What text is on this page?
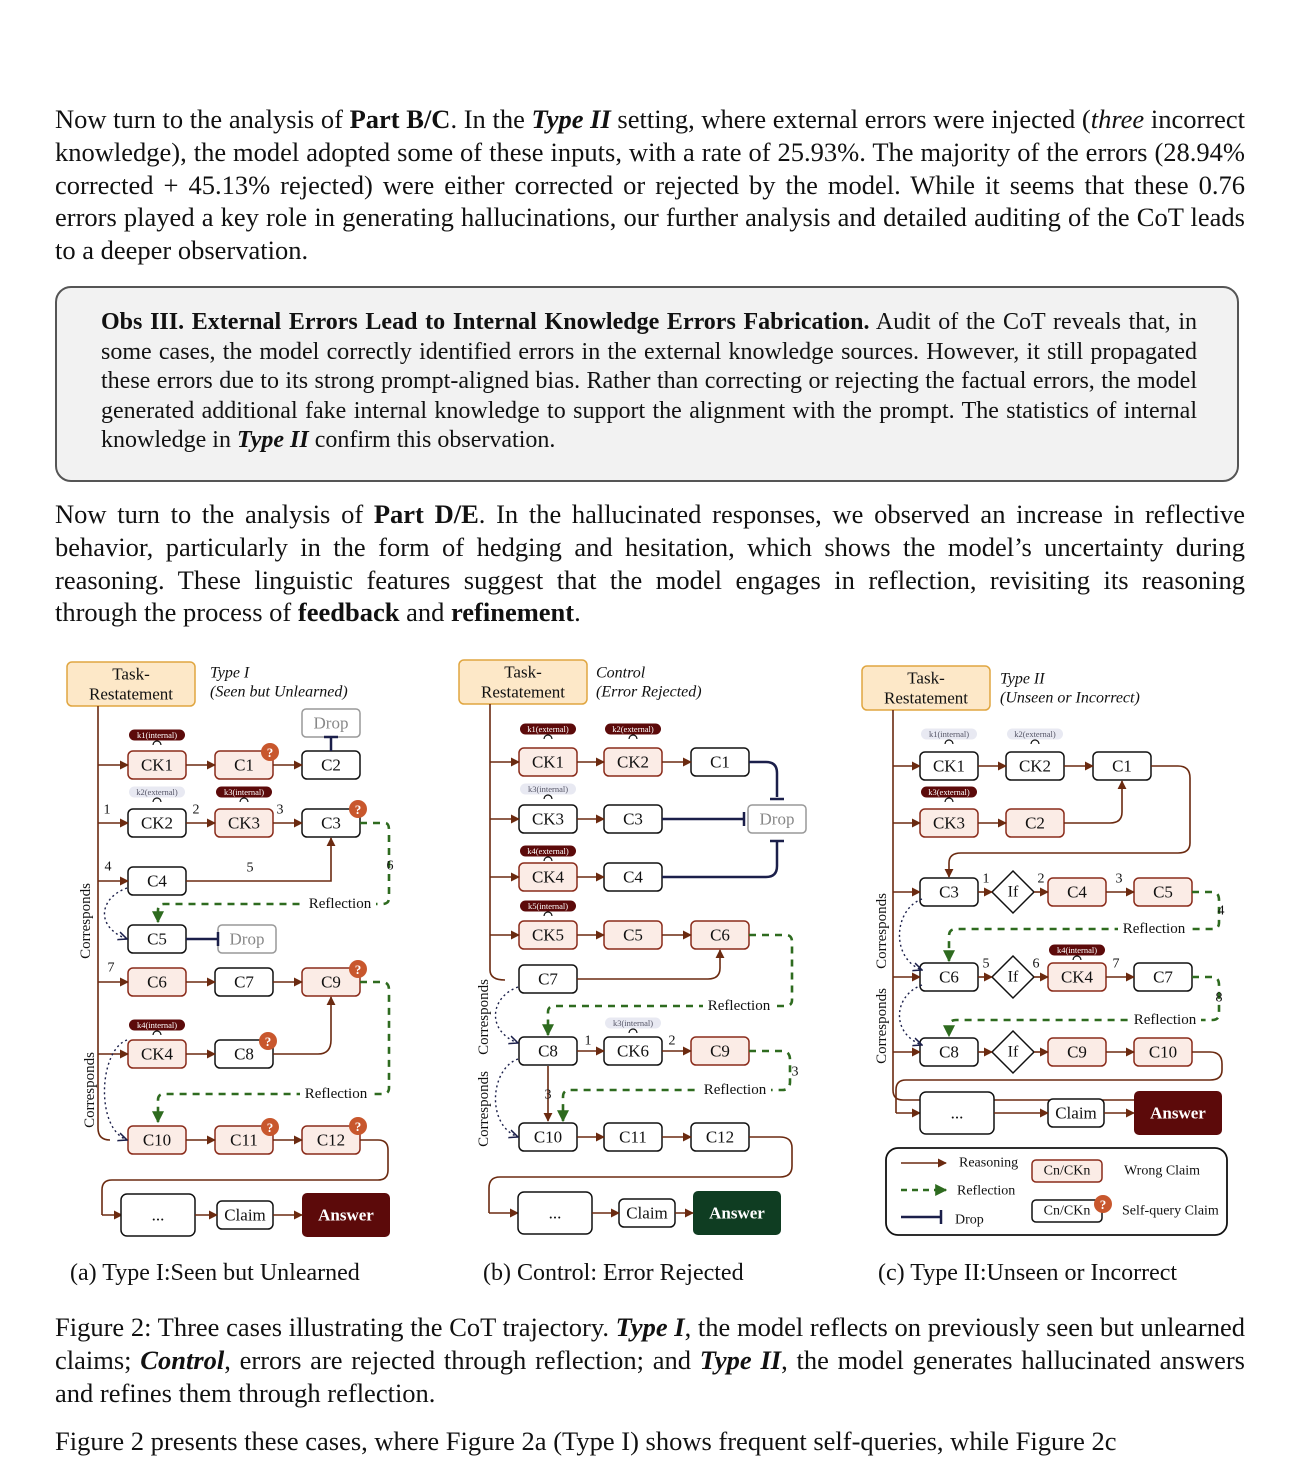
Now turn to the analysis of Part B/C. In the Type II setting, where external errors were injected (three incorrect knowledge), the model adopted some of these inputs, with a rate of 25.93%. The majority of the errors (28.94% corrected + 45.13% rejected) were either corrected or rejected by the model. While it seems that these 0.76 errors played a key role in generating hallucinations, our further analysis and detailed auditing of the CoT leads to a deeper observation.

Obs III. External Errors Lead to Internal Knowledge Errors Fabrication. Audit of the CoT reveals that, in some cases, the model correctly identified errors in the external knowledge sources. However, it still propagated these errors due to its strong prompt-aligned bias. Rather than correcting or rejecting the factual errors, the model generated additional fake internal knowledge to support the alignment with the prompt. The statistics of internal knowledge in Type II confirm this observation.

Now turn to the analysis of Part D/E. In the hallucinated responses, we observed an increase in reflective behavior, particularly in the form of hedging and hesitation, which shows the model’s uncertainty during reasoning. These linguistic features suggest that the model engages in reflection, revisiting its reasoning through the process of feedback and refinement.

Task-
Restatement
Type I
(Seen but Unlearned)
CK1	C1	C2
Drop
CK2	CK3	C3
C4
C5	Drop
C6	C7	C9
CK4	C8
C10	C11	C12
k1(internal)
k2(external)	k3(internal)
k4(internal)
1	2	3
4	5
7
?
?
?
?
?	?
Reflection
6
Reflection
Corresponds
Corresponds
...	Claim	Answer
Task-
Restatement
Control
(Error Rejected)
CK1	CK2	C1
CK3	C3	Drop
CK4	C4
CK5	C5	C6
C7
C8	CK6	C9
C10	C11	C12
k1(external)	k2(external)
k3(internal)
k4(external)
k5(internal)
k3(internal)
1	2
3
Reflection
Reflection
3
Corresponds
Corresponds
...	Claim Answer
Task-
Restatement
Type II
(Unseen or Incorrect)
CK1	CK2	C1
CK3	C2
C3	If	C4	C5
C6	If	CK4	C7
C8	If	C9	C10
k1(internal)	k2(external)
k3(external)
k4(internal)
1	2	3
5	6	7
Reflection
4
Reflection
8
Corresponds
Corresponds
...	Claim	Answer
Reasoning
Reflection
Drop
Cn/CKn Wrong Claim
Cn/CKn ? Self-query Claim
(a) Type I:Seen but Unlearned	(b) Control: Error Rejected	(c) Type II:Unseen or Incorrect

Figure 2: Three cases illustrating the CoT trajectory. Type I, the model reflects on previously seen but unlearned claims; Control, errors are rejected through reflection; and Type II, the model generates hallucinated answers and refines them through reflection.

Figure 2 presents these cases, where Figure 2a (Type I) shows frequent self-queries, while Figure 2c
